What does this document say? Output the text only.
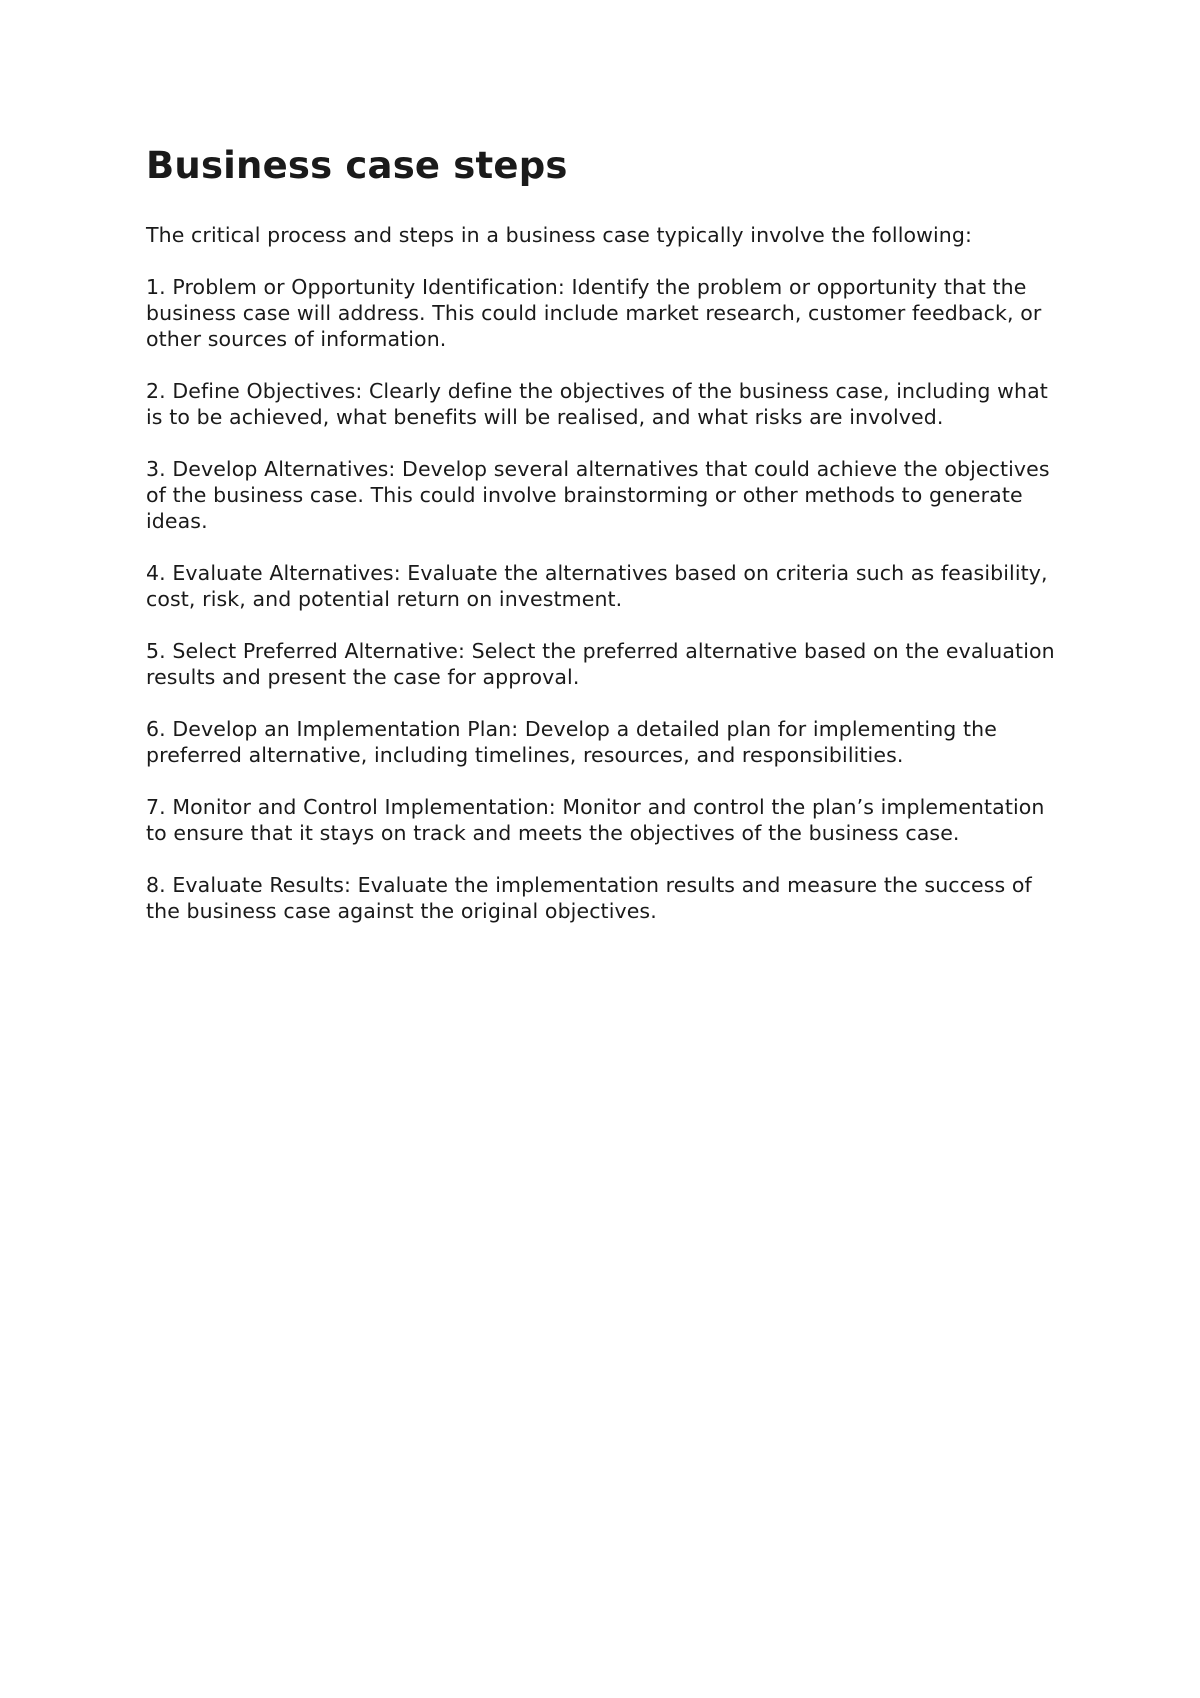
Business case steps

The critical process and steps in a business case typically involve the following:

1. Problem or Opportunity Identification: Identify the problem or opportunity that the business case will address. This could include market research, customer feedback, or other sources of information.

2. Define Objectives: Clearly define the objectives of the business case, including what is to be achieved, what benefits will be realised, and what risks are involved.

3. Develop Alternatives: Develop several alternatives that could achieve the objectives of the business case. This could involve brainstorming or other methods to generate ideas.

4. Evaluate Alternatives: Evaluate the alternatives based on criteria such as feasibility, cost, risk, and potential return on investment.

5. Select Preferred Alternative: Select the preferred alternative based on the evaluation results and present the case for approval.

6. Develop an Implementation Plan: Develop a detailed plan for implementing the preferred alternative, including timelines, resources, and responsibilities.

7. Monitor and Control Implementation: Monitor and control the plan’s implementation to ensure that it stays on track and meets the objectives of the business case.

8. Evaluate Results: Evaluate the implementation results and measure the success of the business case against the original objectives.
